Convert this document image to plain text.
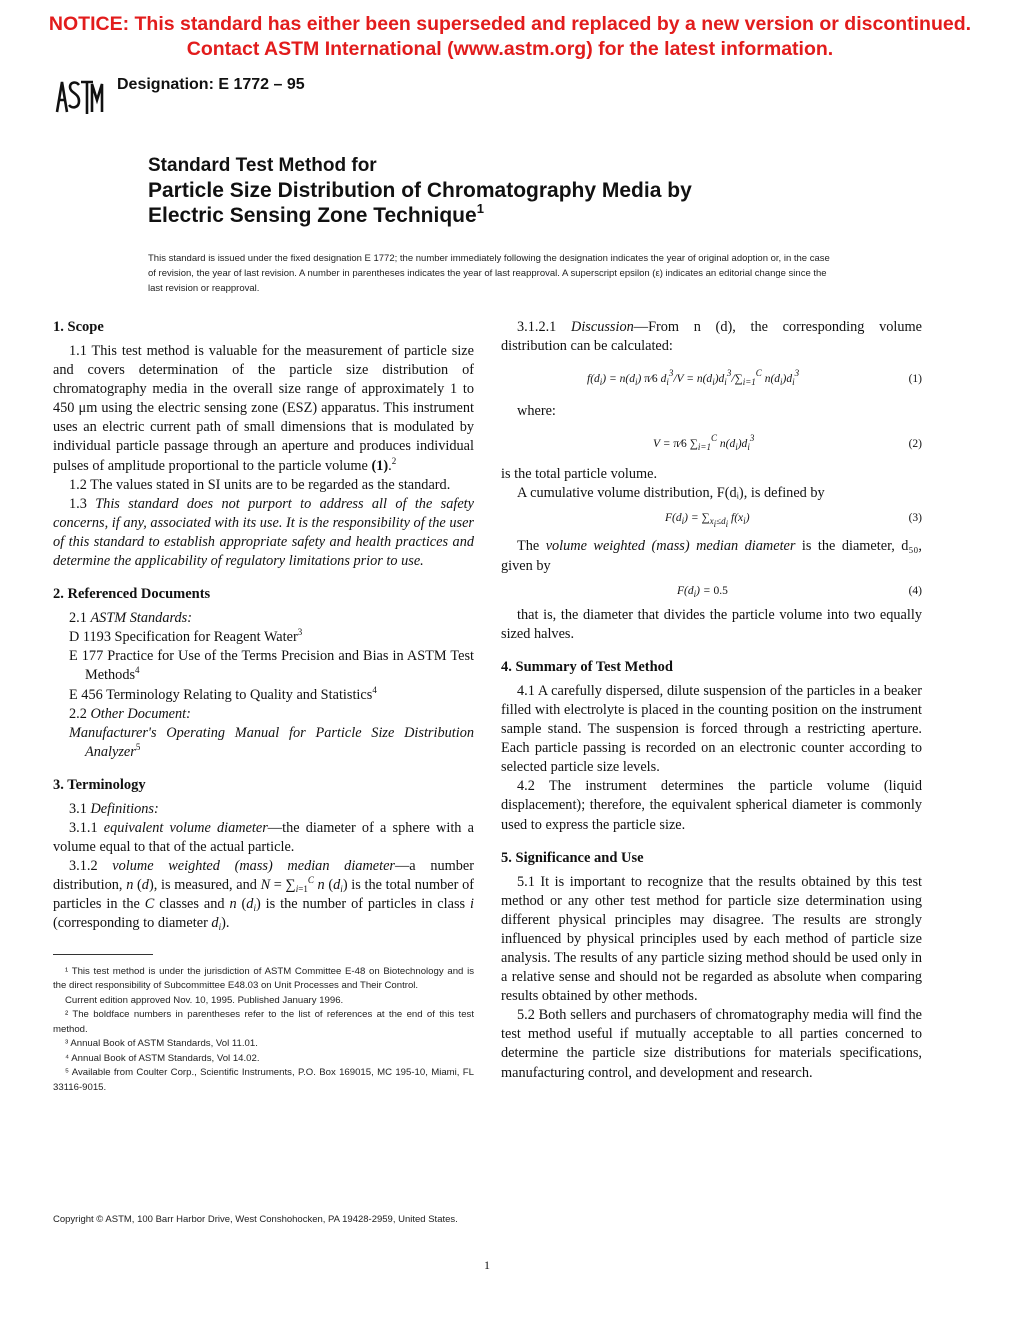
NOTICE: This standard has either been superseded and replaced by a new version or discontinued.
Contact ASTM International (www.astm.org) for the latest information.
Designation: E 1772 – 95
Standard Test Method for
Particle Size Distribution of Chromatography Media by
Electric Sensing Zone Technique$^1$
This standard is issued under the fixed designation E 1772; the number immediately following the designation indicates the year of original adoption or, in the case of revision, the year of last revision. A number in parentheses indicates the year of last reapproval. A superscript epsilon (ε) indicates an editorial change since the last revision or reapproval.
1. Scope

1.1 This test method is valuable for the measurement of particle size and covers determination of the particle size distribution of chromatography media in the overall size range of approximately 1 to 450 μm using the electric sensing zone (ESZ) apparatus. This instrument uses an electric current path of small dimensions that is modulated by individual particle passage through an aperture and produces individual pulses of amplitude proportional to the particle volume (1).$^2$

1.2 The values stated in SI units are to be regarded as the standard.

1.3 This standard does not purport to address all of the safety concerns, if any, associated with its use. It is the responsibility of the user of this standard to establish appropriate safety and health practices and determine the applicability of regulatory limitations prior to use.

2. Referenced Documents

2.1 ASTM Standards:

D 1193 Specification for Reagent Water$^3$

E 177 Practice for Use of the Terms Precision and Bias in ASTM Test Methods$^4$

E 456 Terminology Relating to Quality and Statistics$^4$

2.2 Other Document:

Manufacturer's Operating Manual for Particle Size Distribution Analyzer$^5$

3. Terminology

3.1 Definitions:

3.1.1 equivalent volume diameter—the diameter of a sphere with a volume equal to that of the actual particle.

3.1.2 volume weighted (mass) median diameter—a number distribution, n (d), is measured, and $N = \sum_{i=1}^C$ n $(d_i)$ is the total number of particles in the C classes and n $(d_i)$ is the number of particles in class i (corresponding to diameter $d_i$).

¹ This test method is under the jurisdiction of ASTM Committee E-48 on Biotechnology and is the direct responsibility of Subcommittee E48.03 on Unit Processes and Their Control.

Current edition approved Nov. 10, 1995. Published January 1996.

² The boldface numbers in parentheses refer to the list of references at the end of this test method.

³ Annual Book of ASTM Standards, Vol 11.01.

⁴ Annual Book of ASTM Standards, Vol 14.02.

⁵ Available from Coulter Corp., Scientific Instruments, P.O. Box 169015, MC 195-10, Miami, FL 33116-9015.

3.1.2.1 Discussion—From n (d), the corresponding volume distribution can be calculated:

$f(d_i) = n(d_i)$ π⁄6 $d_i^3/V = n(d_i)d_i^3/\sum_{i=1}^C$ $n(d_i)d_i^3$	(1)

where:

V = π⁄6 $\sum_{i=1}^C$ $n(d_i)d_i^3$	(2)

is the total particle volume.

A cumulative volume distribution, F(dᵢ), is defined by

$F(d_i) = \sum_{x_i\le d_i}$ $f(x_i)$	(3)

The volume weighted (mass) median diameter is the diameter, d₅₀, given by

$F(d_i) = 0.5$	(4)

that is, the diameter that divides the particle volume into two equally sized halves.

4. Summary of Test Method

4.1 A carefully dispersed, dilute suspension of the particles in a beaker filled with electrolyte is placed in the counting position on the instrument sample stand. The suspension is forced through a restricting aperture. Each particle passing is recorded on an electronic counter according to selected particle size levels.

4.2 The instrument determines the particle volume (liquid displacement); therefore, the equivalent spherical diameter is commonly used to express the particle size.

5. Significance and Use

5.1 It is important to recognize that the results obtained by this test method or any other test method for particle size determination using different physical principles may disagree. The results are strongly influenced by physical principles used by each method of particle size analysis. The results of any particle sizing method should be used only in a relative sense and should not be regarded as absolute when comparing results obtained by other methods.

5.2 Both sellers and purchasers of chromatography media will find the test method useful if mutually acceptable to all parties concerned to determine the particle size distributions for materials specifications, manufacturing control, and development and research.

Copyright © ASTM, 100 Barr Harbor Drive, West Conshohocken, PA 19428-2959, United States.
1
